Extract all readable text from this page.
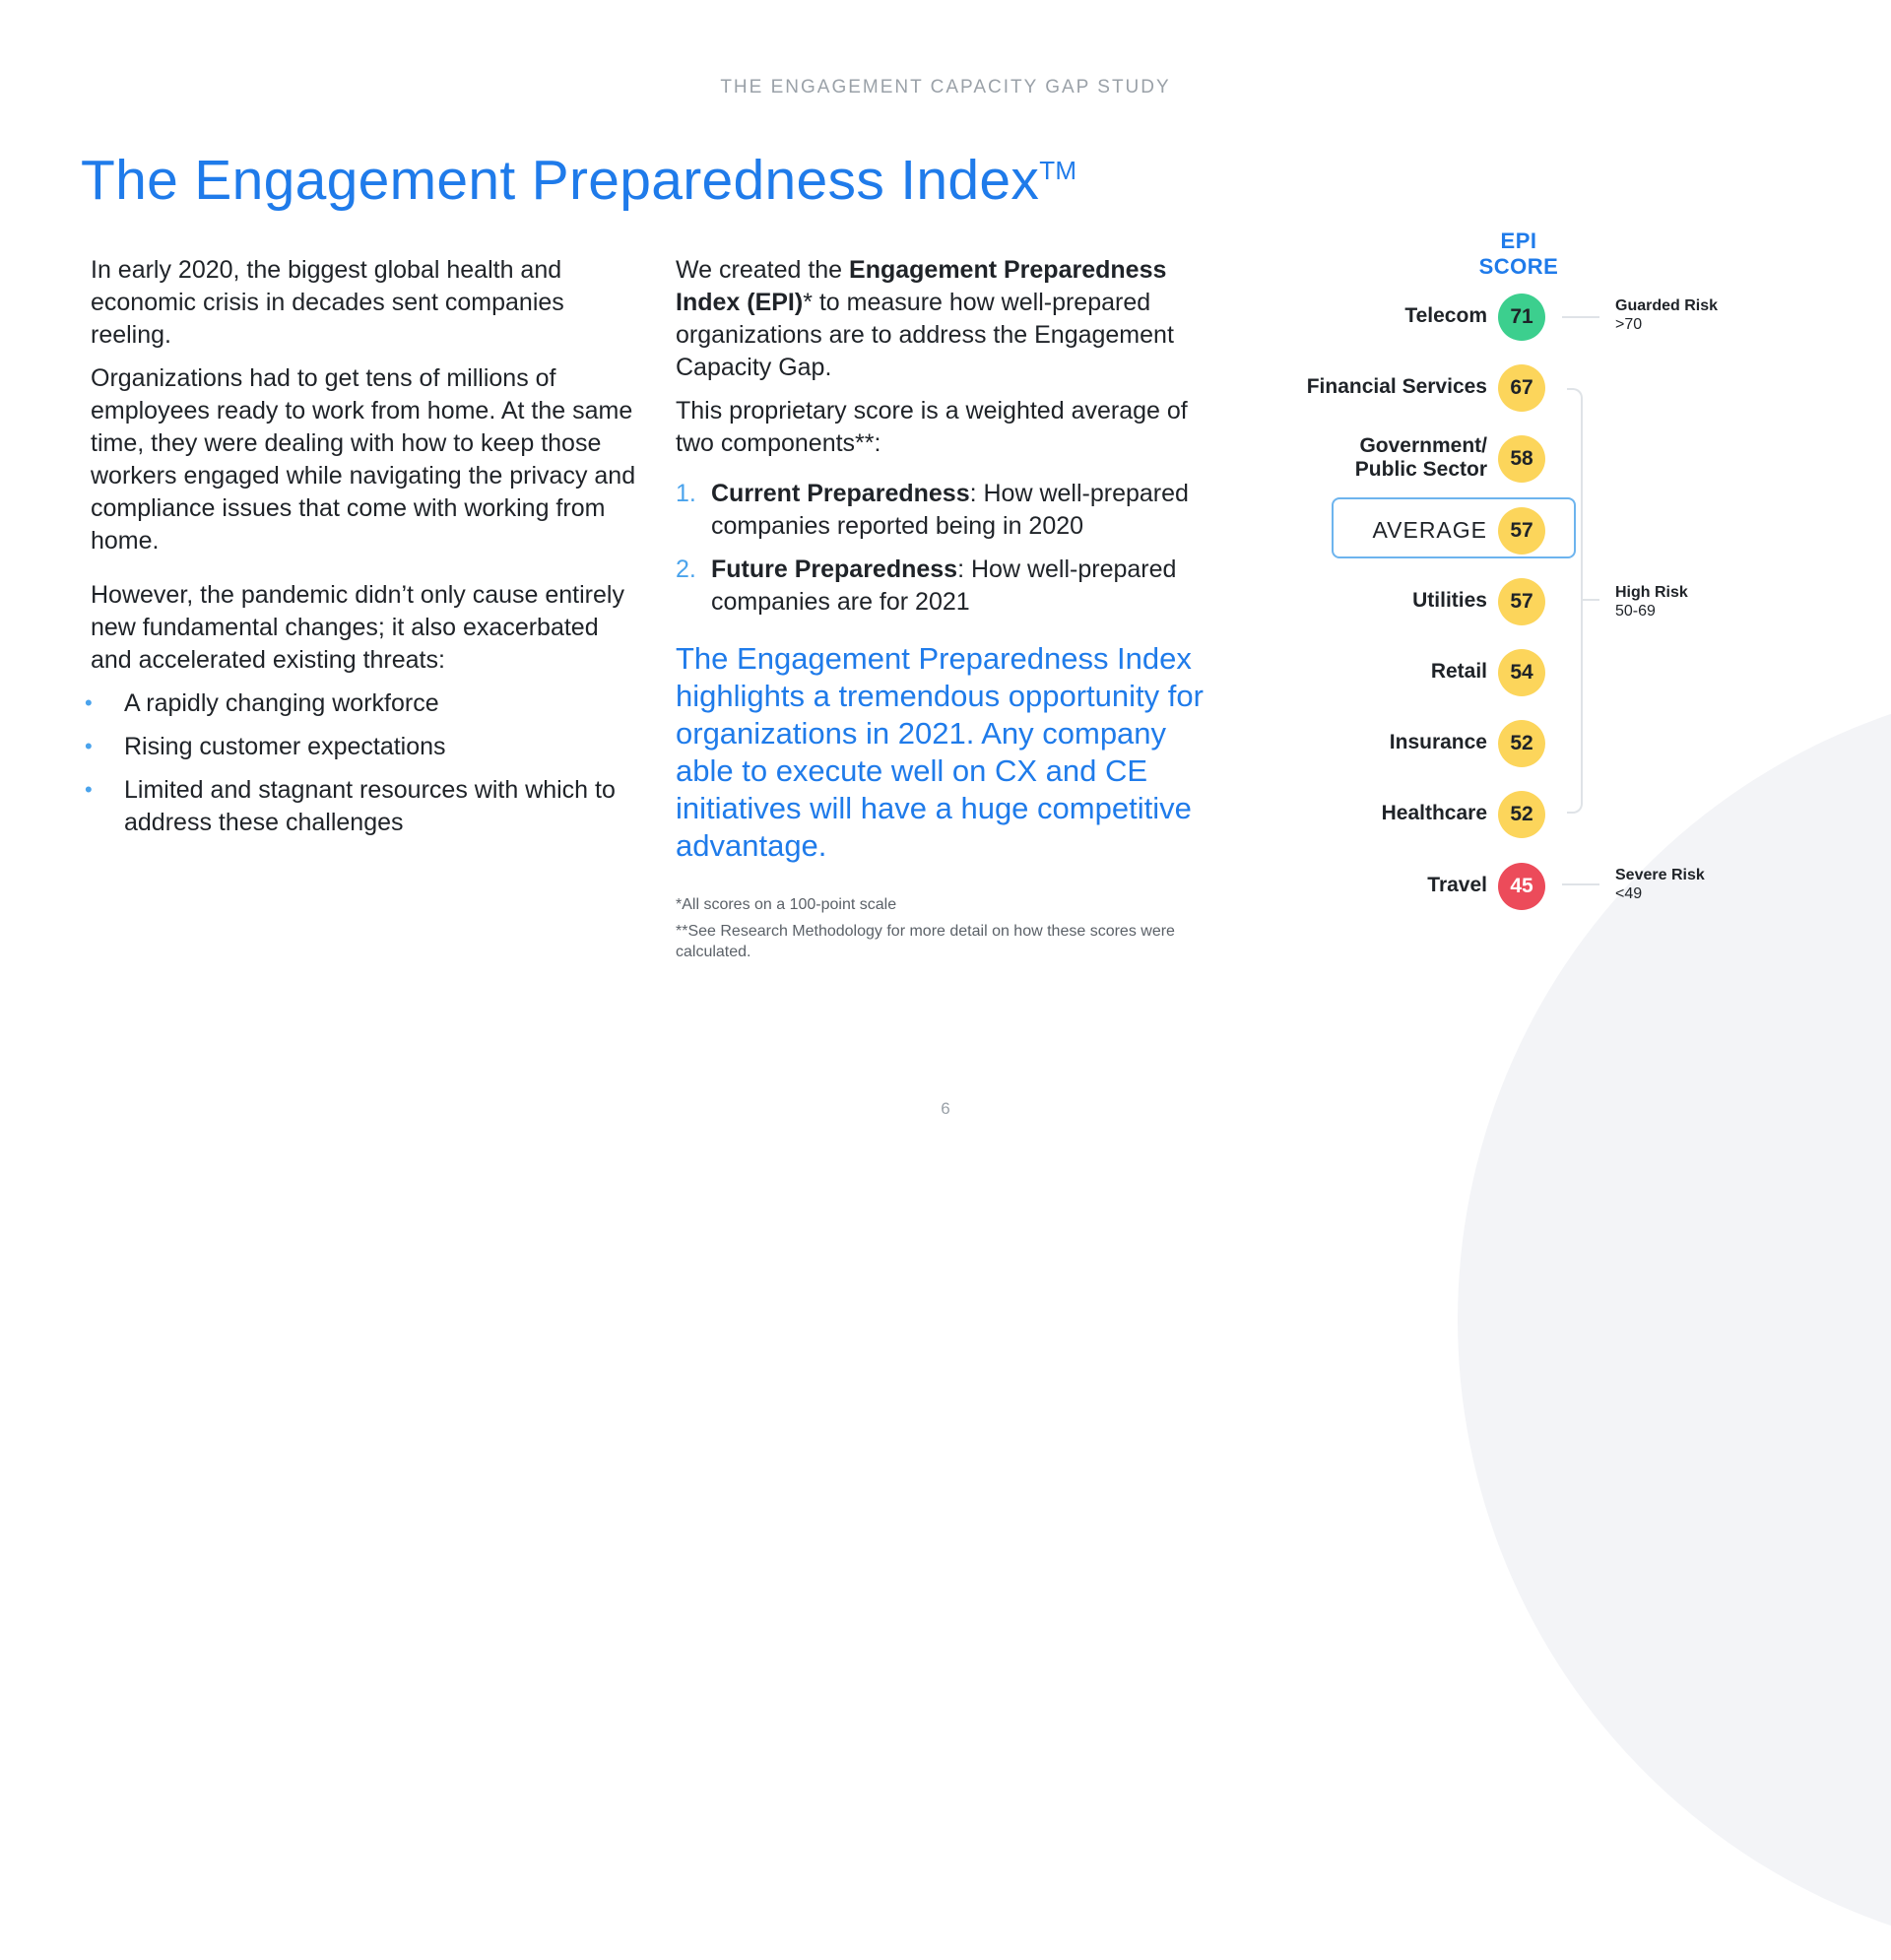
THE ENGAGEMENT CAPACITY GAP STUDY
The Engagement Preparedness Index™

In early 2020, the biggest global health and economic crisis in decades sent companies reeling.

Organizations had to get tens of millions of employees ready to work from home. At the same time, they were dealing with how to keep those workers engaged while navigating the privacy and compliance issues that come with working from home.

However, the pandemic didn’t only cause entirely new fundamental changes; it also exacerbated and accelerated existing threats:

• A rapidly changing workforce
• Rising customer expectations
• Limited and stagnant resources with which to address these challenges

We created the Engagement Preparedness Index (EPI)* to measure how well-prepared organizations are to address the Engagement Capacity Gap.

This proprietary score is a weighted average of two components**:

1. Current Preparedness: How well-prepared companies reported being in 2020
2. Future Preparedness: How well-prepared companies are for 2021
The Engagement Preparedness Index highlights a tremendous opportunity for organizations in 2021. Any company able to execute well on CX and CE initiatives will have a huge competitive advantage.
*All scores on a 100-point scale
**See Research Methodology for more detail on how these scores were calculated.
EPI SCORE
Guarded Risk
>70
High Risk
50-69
Severe Risk
<49
Telecom	71
Financial Services	67
Government/ Public Sector	58
AVERAGE	57
Utilities	57
Retail	54
Insurance	52
Healthcare	52
Travel	45
6
